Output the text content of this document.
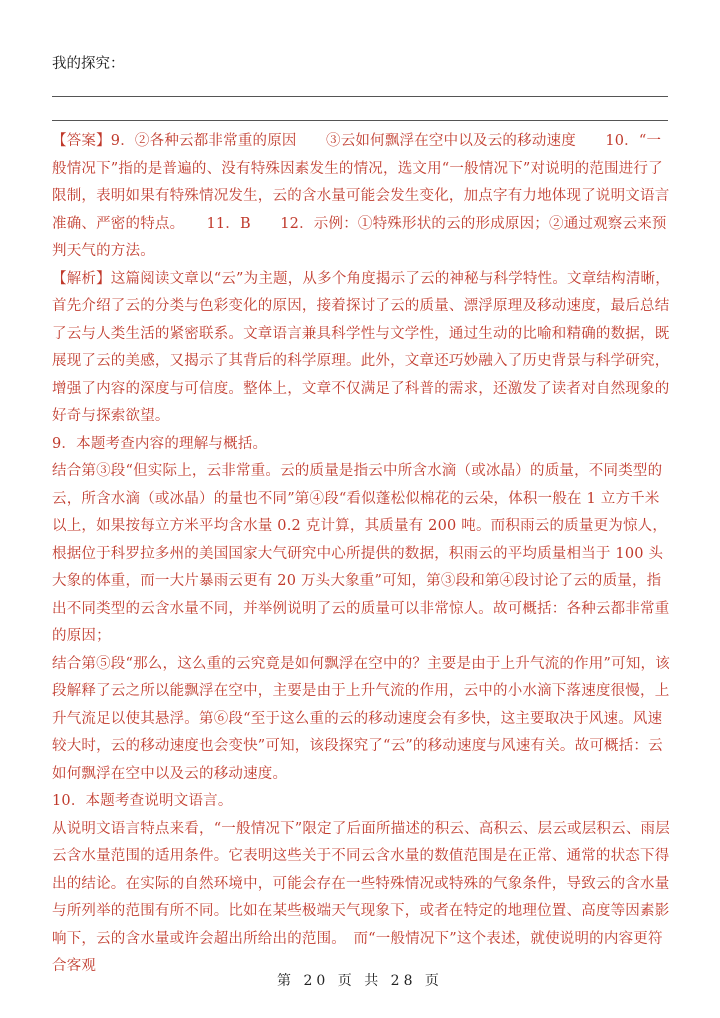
我的探究：

【答案】9．②各种云都非常重的原因　　③云如何飘浮在空中以及云的移动速度　　10．“一般情况下”指的是普遍的、没有特殊因素发生的情况，选文用“一般情况下”对说明的范围进行了限制，表明如果有特殊情况发生，云的含水量可能会发生变化，加点字有力地体现了说明文语言准确、严密的特点。　　11．B　　12．示例：①特殊形状的云的形成原因；②通过观察云来预判天气的方法。

【解析】这篇阅读文章以“云”为主题，从多个角度揭示了云的神秘与科学特性。文章结构清晰，首先介绍了云的分类与色彩变化的原因，接着探讨了云的质量、漂浮原理及移动速度，最后总结了云与人类生活的紧密联系。文章语言兼具科学性与文学性，通过生动的比喻和精确的数据，既展现了云的美感，又揭示了其背后的科学原理。此外，文章还巧妙融入了历史背景与科学研究，增强了内容的深度与可信度。整体上，文章不仅满足了科普的需求，还激发了读者对自然现象的好奇与探索欲望。

9．本题考查内容的理解与概括。

结合第③段“但实际上，云非常重。云的质量是指云中所含水滴（或冰晶）的质量，不同类型的云，所含水滴（或冰晶）的量也不同”第④段“看似蓬松似棉花的云朵，体积一般在 1 立方千米以上，如果按每立方米平均含水量 0.2 克计算，其质量有 200 吨。而积雨云的质量更为惊人，根据位于科罗拉多州的美国国家大气研究中心所提供的数据，积雨云的平均质量相当于 100 头大象的体重，而一大片暴雨云更有 20 万头大象重”可知，第③段和第④段讨论了云的质量，指出不同类型的云含水量不同，并举例说明了云的质量可以非常惊人。故可概括：各种云都非常重的原因；

结合第⑤段“那么，这么重的云究竟是如何飘浮在空中的？主要是由于上升气流的作用”可知，该段解释了云之所以能飘浮在空中，主要是由于上升气流的作用，云中的小水滴下落速度很慢，上升气流足以使其悬浮。第⑥段“至于这么重的云的移动速度会有多快，这主要取决于风速。风速较大时，云的移动速度也会变快”可知，该段探究了“云”的移动速度与风速有关。故可概括：云如何飘浮在空中以及云的移动速度。

10．本题考查说明文语言。

从说明文语言特点来看，“一般情况下”限定了后面所描述的积云、高积云、层云或层积云、雨层云含水量范围的适用条件。它表明这些关于不同云含水量的数值范围是在正常、通常的状态下得出的结论。在实际的自然环境中，可能会存在一些特殊情况或特殊的气象条件，导致云的含水量与所列举的范围有所不同。比如在某些极端天气现象下，或者在特定的地理位置、高度等因素影响下，云的含水量或许会超出所给出的范围。　而“一般情况下”这个表述，就使说明的内容更符合客观

第 20 页 共 28 页
